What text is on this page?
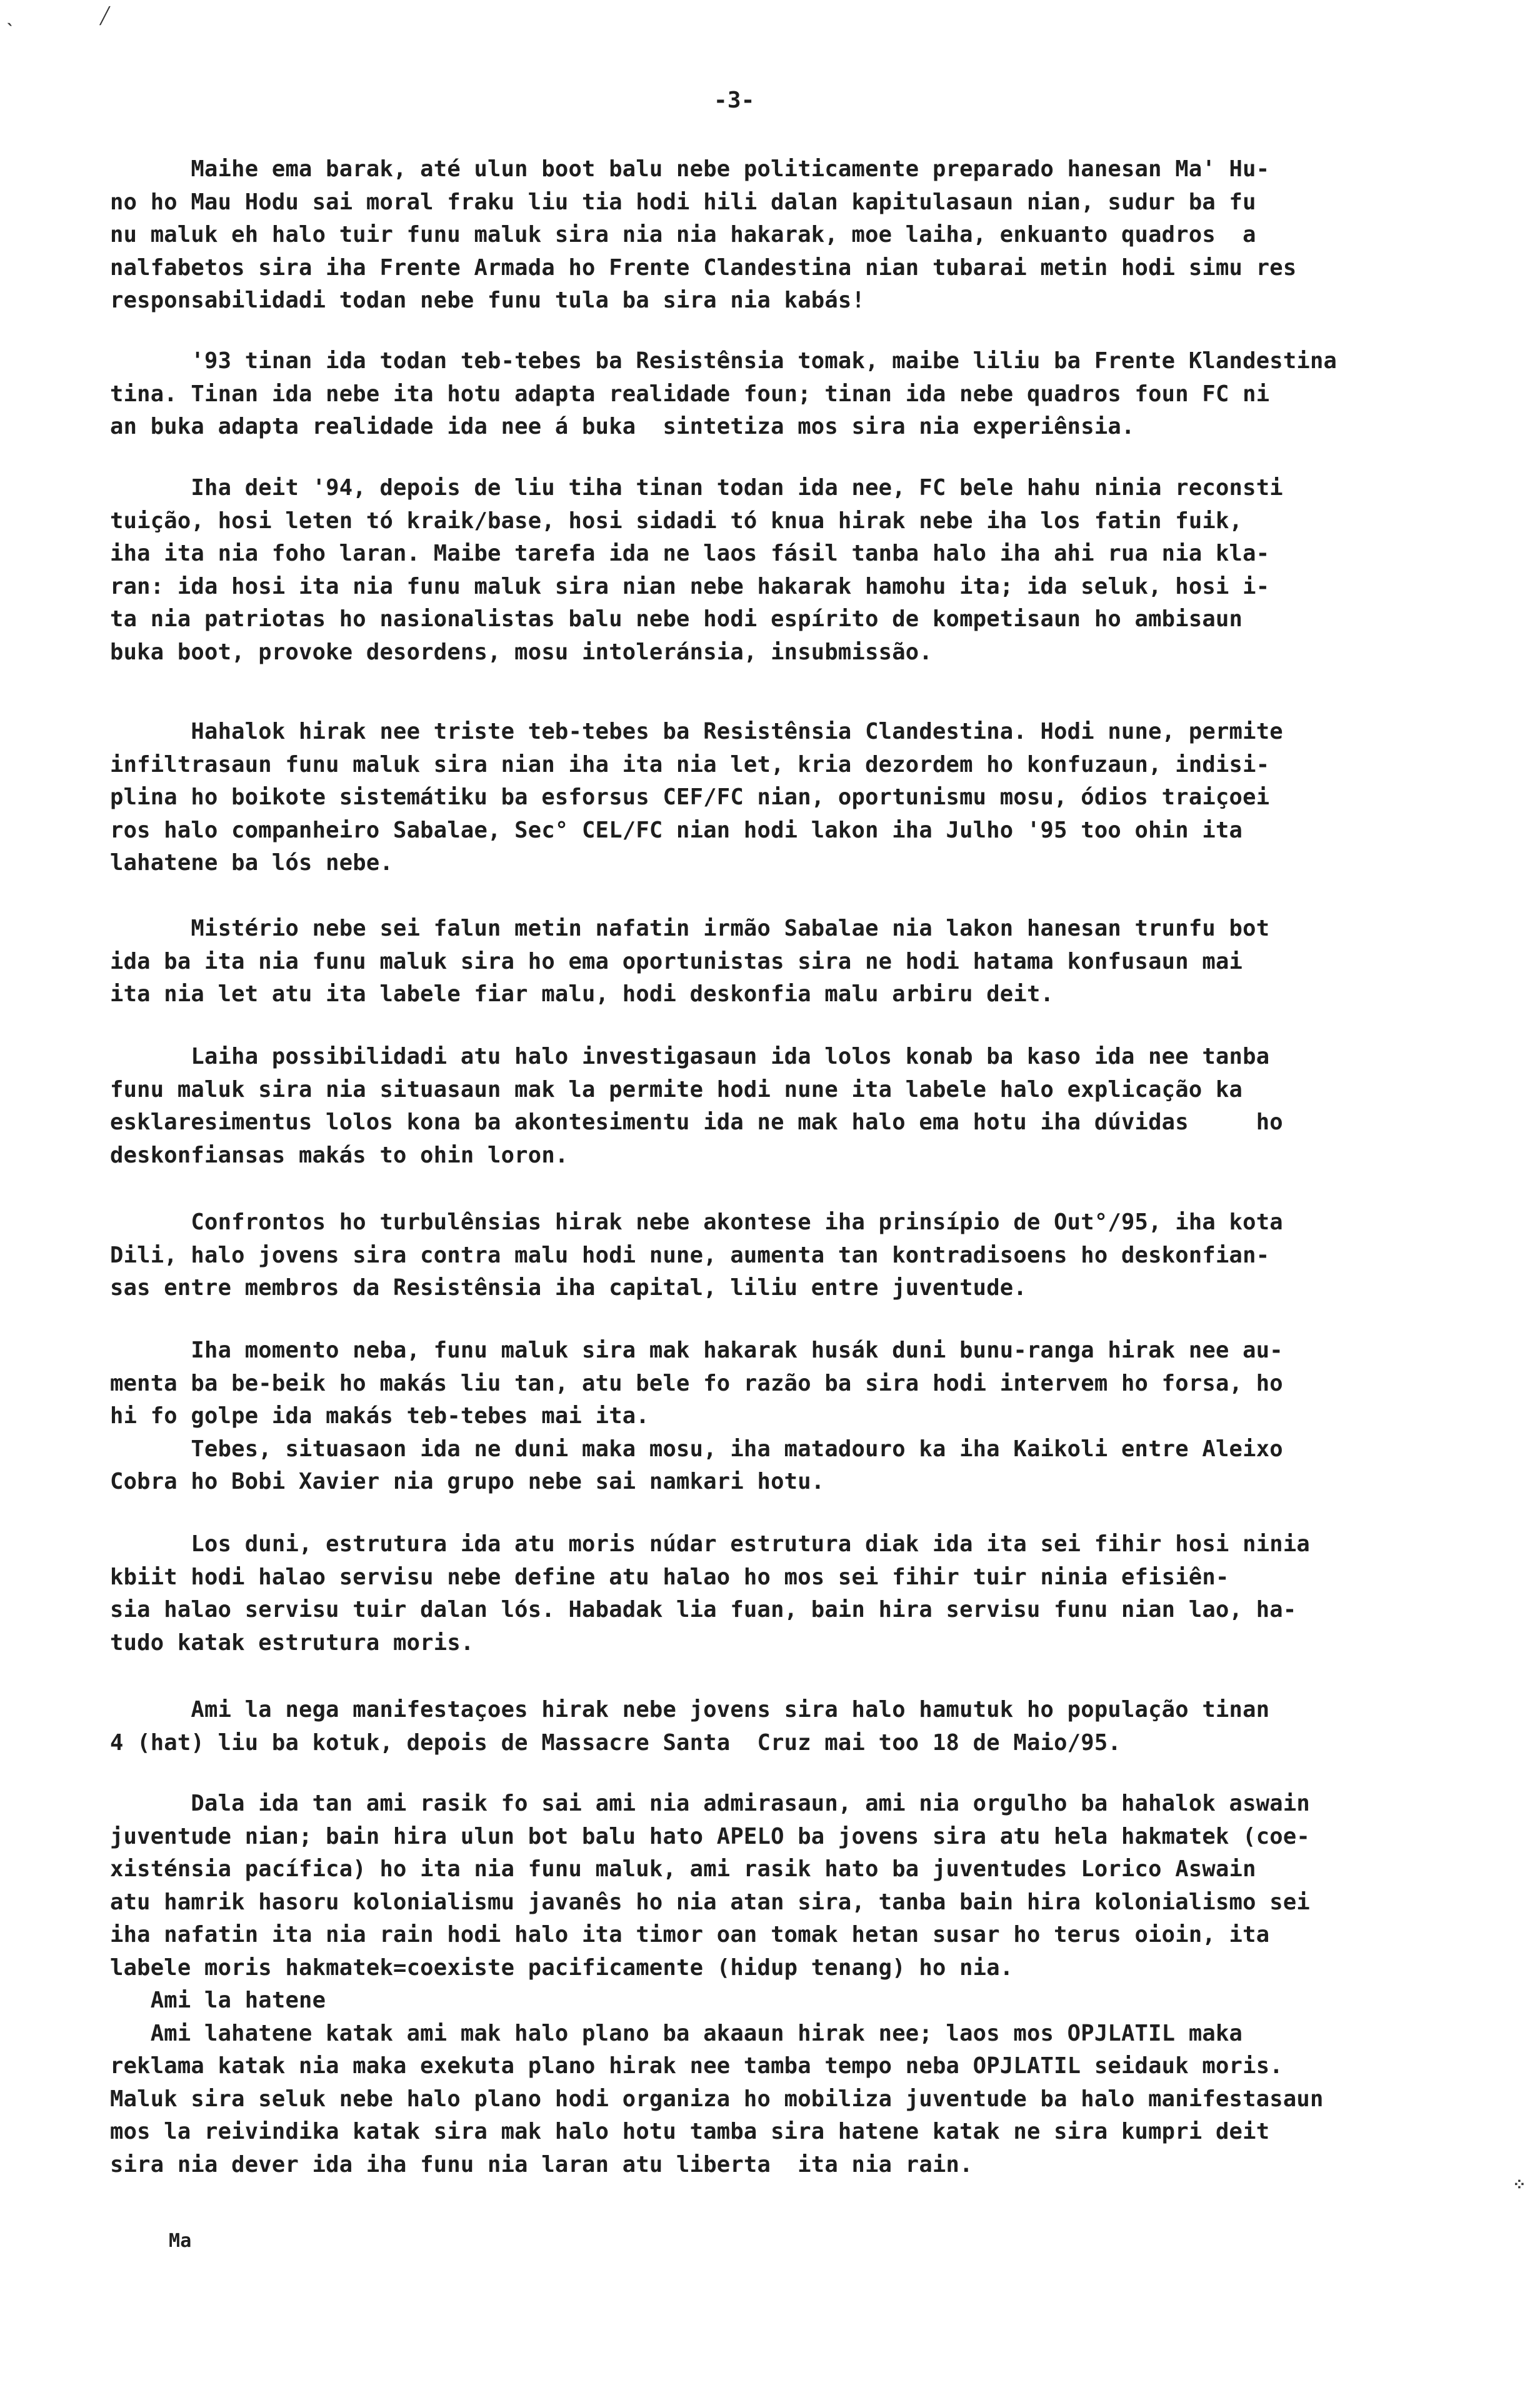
-3-
Maihe ema barak, até ulun boot balu nebe politicamente preparado hanesan Ma' Hu-
no ho Mau Hodu sai moral fraku liu tia hodi hili dalan kapitulasaun nian, sudur ba fu
nu maluk eh halo tuir funu maluk sira nia nia hakarak, moe laiha, enkuanto quadros  a
nalfabetos sira iha Frente Armada ho Frente Clandestina nian tubarai metin hodi simu res
responsabilidadi todan nebe funu tula ba sira nia kabás!
'93 tinan ida todan teb-tebes ba Resistênsia tomak, maibe liliu ba Frente Klandestina
tina. Tinan ida nebe ita hotu adapta realidade foun; tinan ida nebe quadros foun FC ni
an buka adapta realidade ida nee á buka  sintetiza mos sira nia experiênsia.
Iha deit '94, depois de liu tiha tinan todan ida nee, FC bele hahu ninia reconsti
tuição, hosi leten tó kraik/base, hosi sidadi tó knua hirak nebe iha los fatin fuik,
iha ita nia foho laran. Maibe tarefa ida ne laos fásil tanba halo iha ahi rua nia kla-
ran: ida hosi ita nia funu maluk sira nian nebe hakarak hamohu ita; ida seluk, hosi i-
ta nia patriotas ho nasionalistas balu nebe hodi espírito de kompetisaun ho ambisaun
buka boot, provoke desordens, mosu intoleránsia, insubmissão.
Hahalok hirak nee triste teb-tebes ba Resistênsia Clandestina. Hodi nune, permite
infiltrasaun funu maluk sira nian iha ita nia let, kria dezordem ho konfuzaun, indisi-
plina ho boikote sistemátiku ba esforsus CEF/FC nian, oportunismu mosu, ódios traiçoei
ros halo companheiro Sabalae, Sec° CEL/FC nian hodi lakon iha Julho '95 too ohin ita
lahatene ba lós nebe.
Mistério nebe sei falun metin nafatin irmão Sabalae nia lakon hanesan trunfu bot
ida ba ita nia funu maluk sira ho ema oportunistas sira ne hodi hatama konfusaun mai
ita nia let atu ita labele fiar malu, hodi deskonfia malu arbiru deit.
Laiha possibilidadi atu halo investigasaun ida lolos konab ba kaso ida nee tanba
funu maluk sira nia situasaun mak la permite hodi nune ita labele halo explicação ka
esklaresimentus lolos kona ba akontesimentu ida ne mak halo ema hotu iha dúvidas     ho
deskonfiansas makás to ohin loron.
Confrontos ho turbulênsias hirak nebe akontese iha prinsípio de Out°/95, iha kota
Dili, halo jovens sira contra malu hodi nune, aumenta tan kontradisoens ho deskonfian-
sas entre membros da Resistênsia iha capital, liliu entre juventude.
Iha momento neba, funu maluk sira mak hakarak husák duni bunu-ranga hirak nee au-
menta ba be-beik ho makás liu tan, atu bele fo razão ba sira hodi intervem ho forsa, ho
hi fo golpe ida makás teb-tebes mai ita.
Tebes, situasaon ida ne duni maka mosu, iha matadouro ka iha Kaikoli entre Aleixo
Cobra ho Bobi Xavier nia grupo nebe sai namkari hotu.
Los duni, estrutura ida atu moris núdar estrutura diak ida ita sei fihir hosi ninia
kbiit hodi halao servisu nebe define atu halao ho mos sei fihir tuir ninia efisiên-
sia halao servisu tuir dalan lós. Habadak lia fuan, bain hira servisu funu nian lao, ha-
tudo katak estrutura moris.
Ami la nega manifestaçoes hirak nebe jovens sira halo hamutuk ho população tinan
4 (hat) liu ba kotuk, depois de Massacre Santa  Cruz mai too 18 de Maio/95.
Dala ida tan ami rasik fo sai ami nia admirasaun, ami nia orgulho ba hahalok aswain
juventude nian; bain hira ulun bot balu hato APELO ba jovens sira atu hela hakmatek (coe-
xisténsia pacífica) ho ita nia funu maluk, ami rasik hato ba juventudes Lorico Aswain
atu hamrik hasoru kolonialismu javanês ho nia atan sira, tanba bain hira kolonialismo sei
iha nafatin ita nia rain hodi halo ita timor oan tomak hetan susar ho terus oioin, ita
labele moris hakmatek=coexiste pacificamente (hidup tenang) ho nia.
Ami la hatene
Ami lahatene katak ami mak halo plano ba akaaun hirak nee; laos mos OPJLATIL maka
reklama katak nia maka exekuta plano hirak nee tamba tempo neba OPJLATIL seidauk moris.
Maluk sira seluk nebe halo plano hodi organiza ho mobiliza juventude ba halo manifestasaun
mos la reivindika katak sira mak halo hotu tamba sira hatene katak ne sira kumpri deit
sira nia dever ida iha funu nia laran atu liberta  ita nia rain.
Ma
ˎ	╱
⁘
